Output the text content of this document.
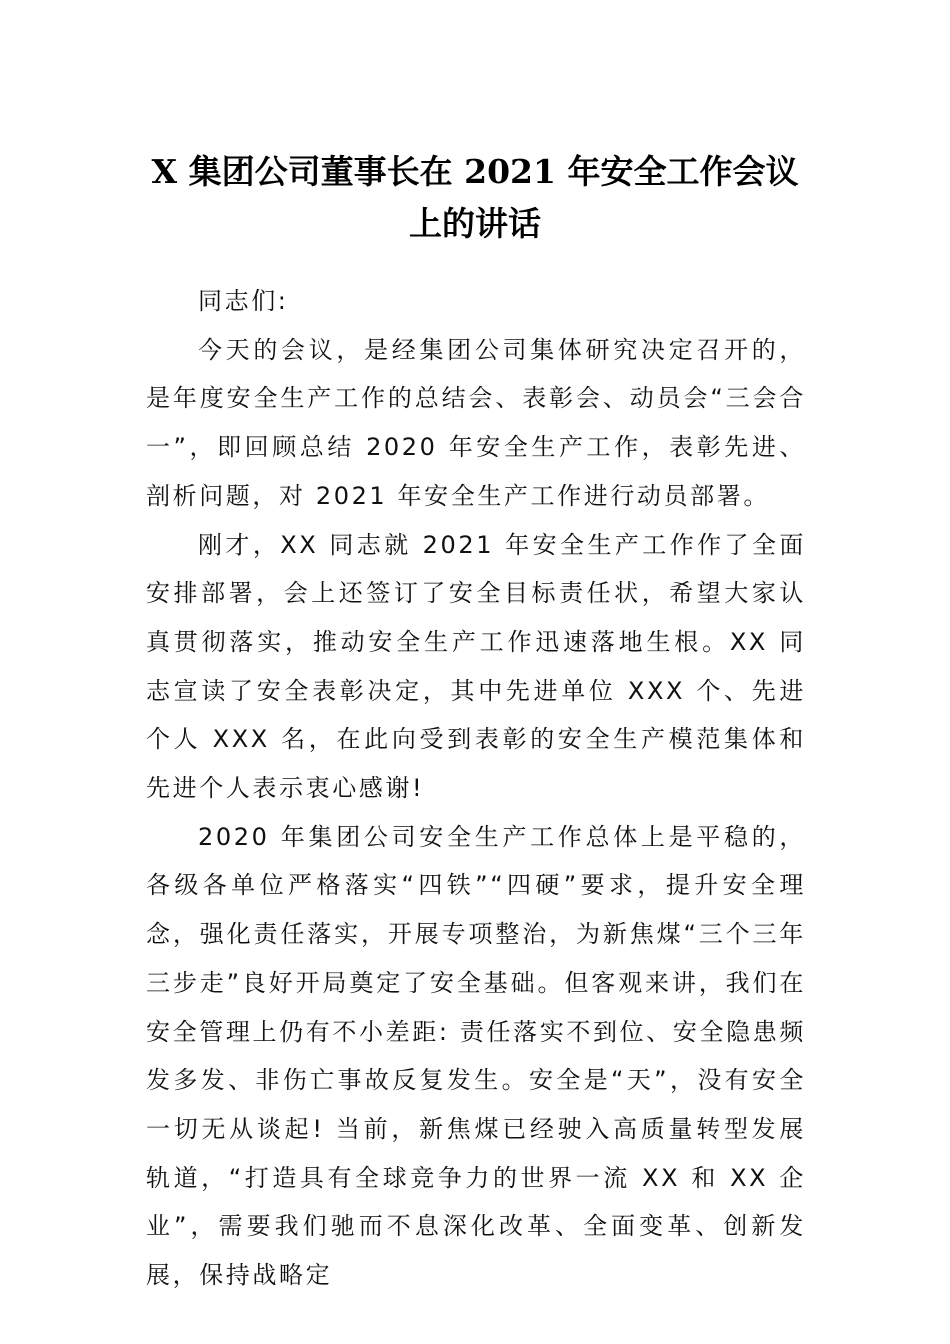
X 集团公司董事长在 2021 年安全工作会议
上的讲话

同志们:

今天的会议，是经集团公司集体研究决定召开的，是年度安全生产工作的总结会、表彰会、动员会“三会合一”，即回顾总结 2020 年安全生产工作，表彰先进、剖析问题，对 2021 年安全生产工作进行动员部署。

刚才，XX 同志就 2021 年安全生产工作作了全面安排部署，会上还签订了安全目标责任状，希望大家认真贯彻落实，推动安全生产工作迅速落地生根。XX 同志宣读了安全表彰决定，其中先进单位 XXX 个、先进个人 XXX 名，在此向受到表彰的安全生产模范集体和先进个人表示衷心感谢!

2020 年集团公司安全生产工作总体上是平稳的，各级各单位严格落实“四铁”“四硬”要求，提升安全理念，强化责任落实，开展专项整治，为新焦煤“三个三年三步走”良好开局奠定了安全基础。但客观来讲，我们在安全管理上仍有不小差距: 责任落实不到位、安全隐患频发多发、非伤亡事故反复发生。安全是“天”，没有安全一切无从谈起! 当前，新焦煤已经驶入高质量转型发展轨道，“打造具有全球竞争力的世界一流 XX 和 XX 企业”，需要我们驰而不息深化改革、全面变革、创新发展，保持战略定
